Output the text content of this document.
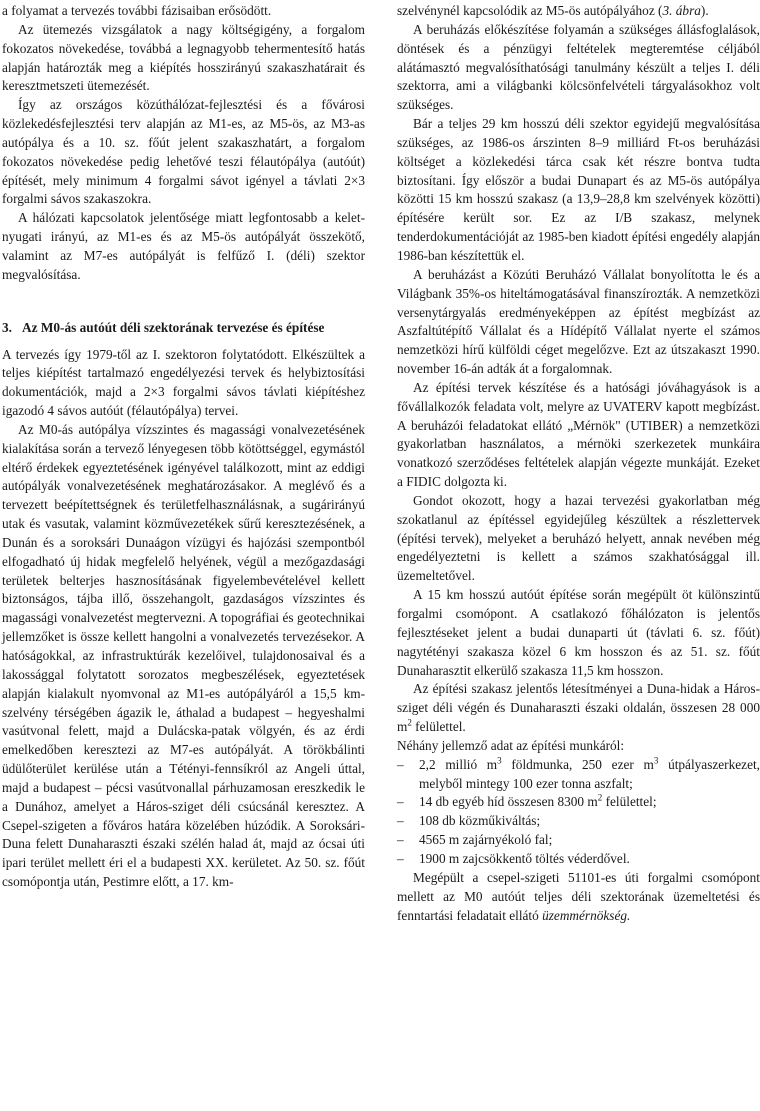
a folyamat a tervezés további fázisaiban erősödött.

Az ütemezés vizsgálatok a nagy költségigény, a forgalom fokozatos növekedése, továbbá a legnagyobb tehermentesítő hatás alapján határozták meg a kiépítés hosszirányú szakaszhatárait és keresztmetszeti ütemezését.

Így az országos közúthálózat-fejlesztési és a fővárosi közlekedésfejlesztési terv alapján az M1-es, az M5-ös, az M3-as autópálya és a 10. sz. főút jelent szakaszhatárt, a forgalom fokozatos növekedése pedig lehetővé teszi félautópálya (autóút) építését, mely minimum 4 forgalmi sávot igényel a távlati 2×3 forgalmi sávos szakaszokra.

A hálózati kapcsolatok jelentősége miatt legfontosabb a kelet-nyugati irányú, az M1-es és az M5-ös autópályát összekötő, valamint az M7-es autópályát is felfűző I. (déli) szektor megvalósítása.

3. Az M0-ás autóút déli szektorának tervezése és építése

A tervezés így 1979-től az I. szektoron folytatódott. Elkészültek a teljes kiépítést tartalmazó engedélyezési tervek és helybiztosítási dokumentációk, majd a 2×3 forgalmi sávos távlati kiépítéshez igazodó 4 sávos autóút (félautópálya) tervei.

Az M0-ás autópálya vízszintes és magassági vonalvezetésének kialakítása során a tervező lényegesen több kötöttséggel, egymástól eltérő érdekek egyeztetésének igényével találkozott, mint az eddigi autópályák vonalvezetésének meghatározásakor. A meglévő és a tervezett beépítettségnek és területfelhasználásnak, a sugárirányú utak és vasutak, valamint közművezetékek sűrű keresztezésének, a Dunán és a soroksári Dunaágon vízügyi és hajózási szempontból elfogadható új hidak megfelelő helyének, végül a mezőgazdasági területek belterjes hasznosításának figyelembevételével kellett biztonságos, tájba illő, összehangolt, gazdaságos vízszintes és magassági vonalvezetést megtervezni. A topográfiai és geotechnikai jellemzőket is össze kellett hangolni a vonalvezetés tervezésekor. A hatóságokkal, az infrastruktúrák kezelőivel, tulajdonosaival és a lakossággal folytatott sorozatos megbeszélések, egyeztetések alapján kialakult nyomvonal az M1-es autópályáról a 15,5 km-szelvény térségében ágazik le, áthalad a budapest – hegyeshalmi vasútvonal felett, majd a Dulácska-patak völgyén, és az érdi emelkedőben keresztezi az M7-es autópályát. A törökbálinti üdülőterület kerülése után a Tétényi-fennsíkról az Angeli úttal, majd a budapest – pécsi vasútvonallal párhuzamosan ereszkedik le a Dunához, amelyet a Háros-sziget déli csúcsánál keresztez. A Csepel-szigeten a főváros határa közelében húzódik. A Soroksári-Duna felett Dunaharaszti északi szélén halad át, majd az ócsai úti ipari terület mellett éri el a budapesti XX. kerületet. Az 50. sz. főút csomópontja után, Pestimre előtt, a 17. km-

szelvénynél kapcsolódik az M5-ös autópályához (3. ábra).

A beruházás előkészítése folyamán a szükséges állásfoglalások, döntések és a pénzügyi feltételek megteremtése céljából alátámasztó megvalósíthatósági tanulmány készült a teljes I. déli szektorra, ami a világbanki kölcsönfelvételi tárgyalásokhoz volt szükséges.

Bár a teljes 29 km hosszú déli szektor egyidejű megvalósítása szükséges, az 1986-os árszinten 8–9 milliárd Ft-os beruházási költséget a közlekedési tárca csak két részre bontva tudta biztosítani. Így először a budai Dunapart és az M5-ös autópálya közötti 15 km hosszú szakasz (a 13,9–28,8 km szelvények közötti) építésére került sor. Ez az I/B szakasz, melynek tenderdokumentációját az 1985-ben kiadott építési engedély alapján 1986-ban készítettük el.

A beruházást a Közúti Beruházó Vállalat bonyolította le és a Világbank 35%-os hiteltámogatásával finanszírozták. A nemzetközi versenytárgyalás eredményeképpen az építést megbízást az Aszfaltútépítő Vállalat és a Hídépítő Vállalat nyerte el számos nemzetközi hírű külföldi céget megelőzve. Ezt az útszakaszt 1990. november 16-án adták át a forgalomnak.

Az építési tervek készítése és a hatósági jóváhagyások is a fővállalkozók feladata volt, melyre az UVATERV kapott megbízást. A beruházói feladatokat ellátó „Mérnök" (UTIBER) a nemzetközi gyakorlatban használatos, a mérnöki szerkezetek munkáira vonatkozó szerződéses feltételek alapján végezte munkáját. Ezeket a FIDIC dolgozta ki.

Gondot okozott, hogy a hazai tervezési gyakorlatban még szokatlanul az építéssel egyidejűleg készültek a részlettervek (építési tervek), melyeket a beruházó helyett, annak nevében még engedélyeztetni is kellett a számos szakhatósággal ill. üzemeltetővel.

A 15 km hosszú autóút építése során megépült öt különszintű forgalmi csomópont. A csatlakozó főhálózaton is jelentős fejlesztéseket jelent a budai dunaparti út (távlati 6. sz. főút) nagytétényi szakasza közel 6 km hosszon és az 51. sz. főút Dunaharasztit elkerülő szakasza 11,5 km hosszon.

Az építési szakasz jelentős létesítményei a Duna-hidak a Háros- sziget déli végén és Dunaharaszti északi oldalán, összesen 28 000 $m^2$ felülettel.

Néhány jellemző adat az építési munkáról:

– 2,2 millió $m^3$ földmunka, 250 ezer $m^3$ útpályaszerkezet, melyből mintegy 100 ezer tonna aszfalt;
– 14 db egyéb híd összesen 8300 $m^2$ felülettel;
– 108 db közműkiváltás;
– 4565 m zajárnyékoló fal;
– 1900 m zajcsökkentő töltés véderdővel.

Megépült a csepel-szigeti 51101-es úti forgalmi csomópont mellett az M0 autóút teljes déli szektorának üzemeltetési és fenntartási feladatait ellátó üzemmérnökség.
